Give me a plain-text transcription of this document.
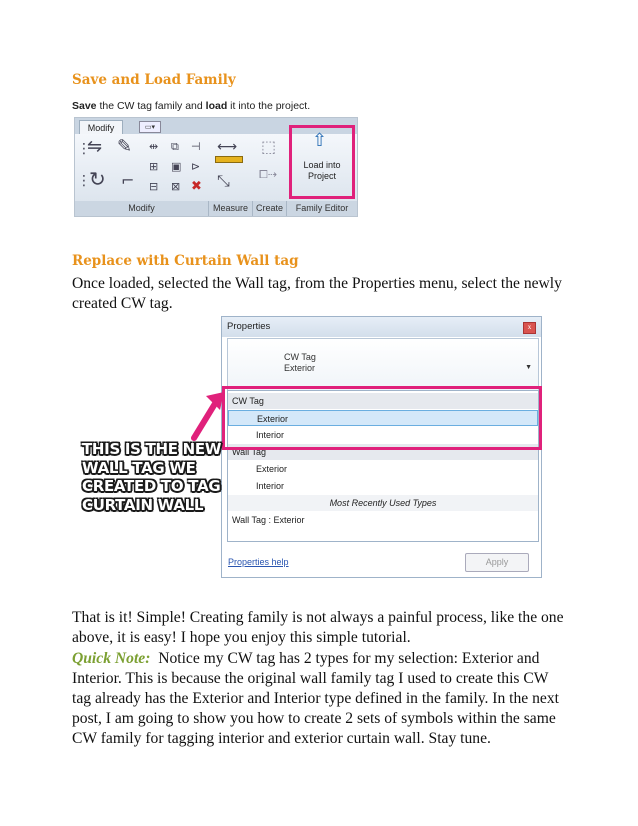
Save and Load Family
Save the CW tag family and load it into the project.
Modify	▭▾
⋮
⇋ ✎ ⇹ ⧉ ⊣
⊞ ▣ ⊳
⋮
↻ ⌐ ⊟ ⊠ ✖
⟷
⤡
⬚
⧠⇢
⇧
Load into Project
Modify	Measure Create	Family Editor
Replace with Curtain Wall tag
Once loaded, selected the Wall tag, from the Properties menu, select the newly created CW tag.
Properties	x
CW Tag
Exterior	▼
CW Tag
Exterior
Interior
Wall Tag
Exterior
Interior
Most Recently Used Types
Wall Tag : Exterior
Properties help	Apply
THIS IS THE NEW
WALL TAG WE
CREATED TO TAG
CURTAIN WALL
That is it! Simple! Creating family is not always a painful process, like the one above, it is easy! I hope you enjoy this simple tutorial.
Quick Note: Notice my CW tag has 2 types for my selection: Exterior and Interior. This is because the original wall family tag I used to create this CW tag already has the Exterior and Interior type defined in the family. In the next post, I am going to show you how to create 2 sets of symbols within the same CW family for tagging interior and exterior curtain wall. Stay tune.
